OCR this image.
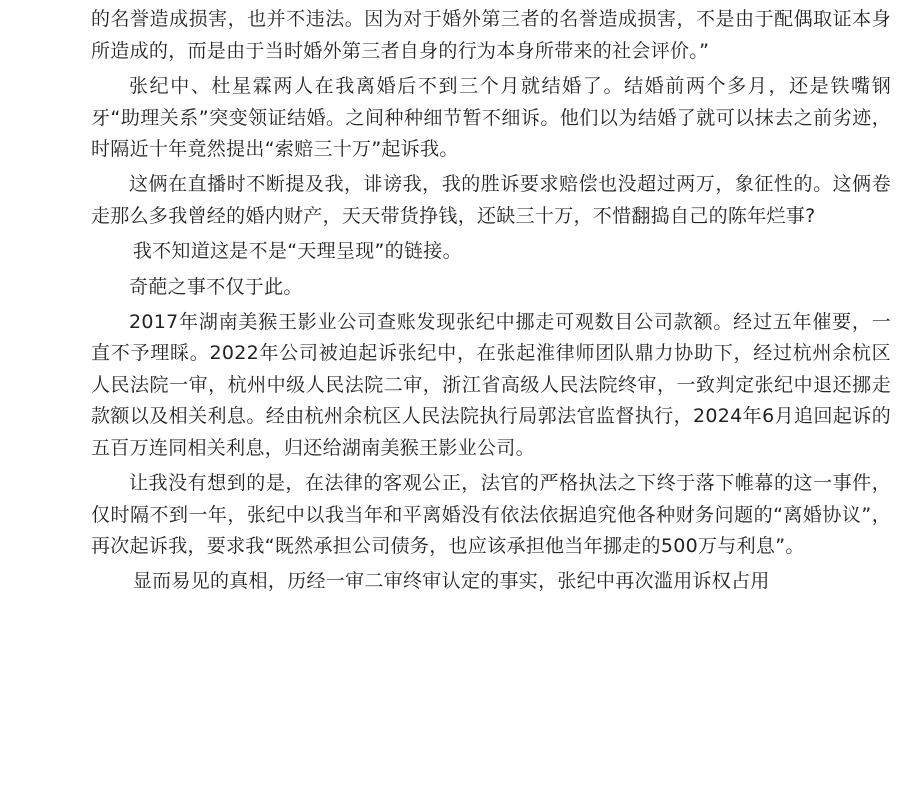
的名誉造成损害，也并不违法。因为对于婚外第三者的名誉造成损害，不是由于配偶取证本身所造成的，而是由于当时婚外第三者自身的行为本身所带来的社会评价。”

张纪中、杜星霖两人在我离婚后不到三个月就结婚了。结婚前两个多月，还是铁嘴钢牙“助理关系”突变领证结婚。之间种种细节暂不细诉。他们以为结婚了就可以抹去之前劣迹，时隔近十年竟然提出“索赔三十万”起诉我。

这俩在直播时不断提及我，诽谤我，我的胜诉要求赔偿也没超过两万，象征性的。这俩卷走那么多我曾经的婚内财产，天天带货挣钱，还缺三十万，不惜翻捣自己的陈年烂事?

我不知道这是不是“天理呈现”的链接。

奇葩之事不仅于此。

2017年湖南美猴王影业公司查账发现张纪中挪走可观数目公司款额。经过五年催要，一直不予理睬。2022年公司被迫起诉张纪中，在张起淮律师团队鼎力协助下，经过杭州余杭区人民法院一审，杭州中级人民法院二审，浙江省高级人民法院终审，一致判定张纪中退还挪走款额以及相关利息。经由杭州余杭区人民法院执行局郭法官监督执行，2024年6月追回起诉的五百万连同相关利息，归还给湖南美猴王影业公司。

让我没有想到的是，在法律的客观公正，法官的严格执法之下终于落下帷幕的这一事件，仅时隔不到一年，张纪中以我当年和平离婚没有依法依据追究他各种财务问题的“离婚协议”，再次起诉我，要求我“既然承担公司债务，也应该承担他当年挪走的500万与利息”。

显而易见的真相，历经一审二审终审认定的事实，张纪中再次滥用诉权占用
